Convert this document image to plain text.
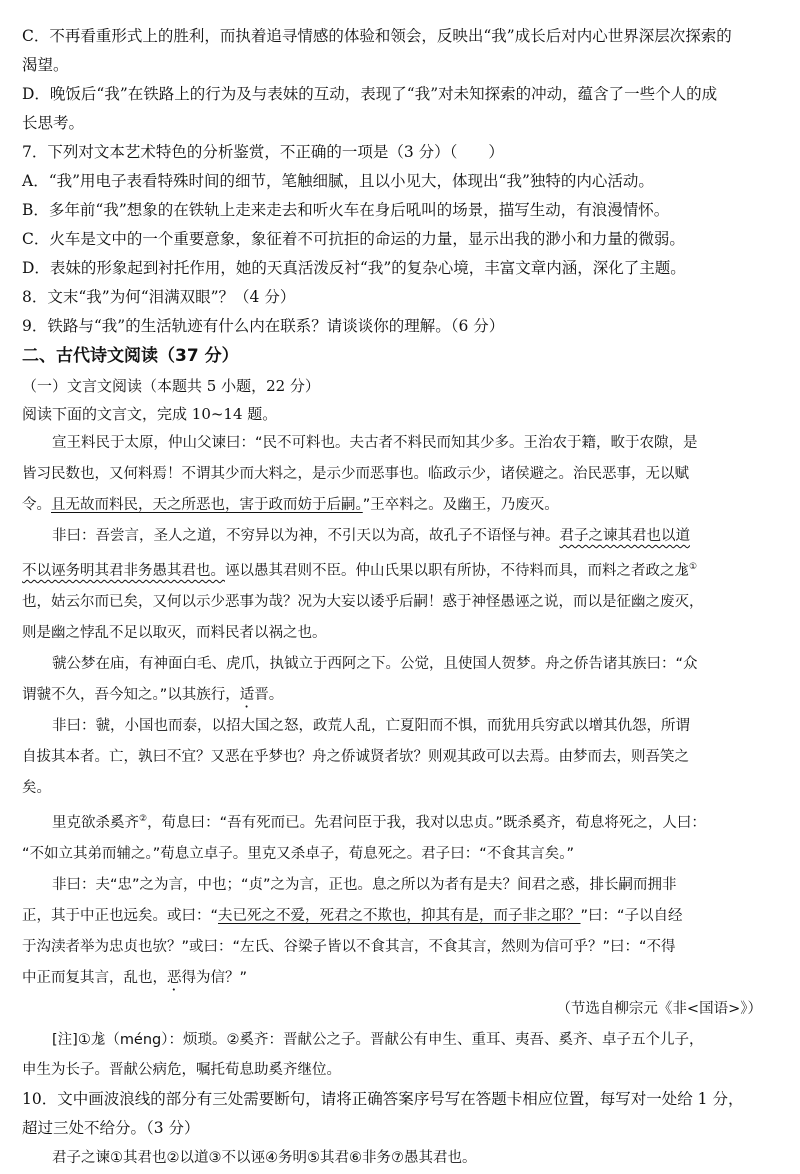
C．不再看重形式上的胜利，而执着追寻情感的体验和领会，反映出“我”成长后对内心世界深层次探索的

渴望。

D．晚饭后“我”在铁路上的行为及与表妹的互动，表现了“我”对未知探索的冲动，蕴含了一些个人的成

长思考。

7．下列对文本艺术特色的分析鉴赏，不正确的一项是（3 分）（　　）

A．“我”用电子表看特殊时间的细节，笔触细腻，且以小见大，体现出“我”独特的内心活动。

B．多年前“我”想象的在铁轨上走来走去和听火车在身后吼叫的场景，描写生动，有浪漫情怀。

C．火车是文中的一个重要意象，象征着不可抗拒的命运的力量，显示出我的渺小和力量的微弱。

D．表妹的形象起到衬托作用，她的天真活泼反衬“我”的复杂心境，丰富文章内涵，深化了主题。

8．文末“我”为何“泪满双眼”？（4 分）

9．铁路与“我”的生活轨迹有什么内在联系？请谈谈你的理解。（6 分）

二、古代诗文阅读（37 分）

（一）文言文阅读（本题共 5 小题，22 分）

阅读下面的文言文，完成 10~14 题。

宣王料民于太原，仲山父谏曰：“民不可料也。夫古者不料民而知其少多。王治农于籍，畋于农隙，是

皆习民数也，又何料焉！不谓其少而大料之，是示少而恶事也。临政示少，诸侯避之。治民恶事，无以赋

令。且无故而料民，天之所恶也，害于政而妨于后嗣。”王卒料之。及幽王，乃废灭。

非曰：吾尝言，圣人之道，不穷异以为神，不引天以为高，故孔子不语怪与神。君子之谏其君也以道

不以诬务明其君非务愚其君也。诬以愚其君则不臣。仲山氏果以职有所协，不待料而具，而料之者政之尨①

也，姑云尔而已矣，又何以示少恶事为哉？况为大妄以诿乎后嗣！惑于神怪愚诬之说，而以是征幽之废灭，

则是幽之悖乱不足以取灭，而料民者以祸之也。

虢公梦在庙，有神面白毛、虎爪，执钺立于西阿之下。公觉，且使国人贺梦。舟之侨告诸其族曰：“众

谓虢不久，吾今知之。”以其族行，适晋。

非曰：虢，小国也而泰，以招大国之怒，政荒人乱，亡夏阳而不惧，而犹用兵穷武以增其仇怨，所谓

自拔其本者。亡，孰曰不宜？又恶在乎梦也？舟之侨诚贤者欤？则观其政可以去焉。由梦而去，则吾笑之

矣。

里克欲杀奚齐②，荀息曰：“吾有死而已。先君问臣于我，我对以忠贞。”既杀奚齐，荀息将死之，人曰：

“不如立其弟而辅之。”荀息立卓子。里克又杀卓子，荀息死之。君子曰：“不食其言矣。”

非曰：夫“忠”之为言，中也；“贞”之为言，正也。息之所以为者有是夫？间君之惑，排长嗣而拥非

正，其于中正也远矣。或曰：“夫已死之不爱，死君之不欺也，抑其有是，而子非之耶？”曰：“子以自经

于沟渎者举为忠贞也欤？”或曰：“左氏、谷梁子皆以不食其言，不食其言，然则为信可乎？”曰：“不得

中正而复其言，乱也，恶得为信？”

（节选自柳宗元《非<国语>》）

[注]①尨（méng）：烦琐。②奚齐：晋献公之子。晋献公有申生、重耳、夷吾、奚齐、卓子五个儿子，

申生为长子。晋献公病危，嘱托荀息助奚齐继位。

10．文中画波浪线的部分有三处需要断句，请将正确答案序号写在答题卡相应位置，每写对一处给 1 分，

超过三处不给分。（3 分）

君子之谏①其君也②以道③不以诬④务明⑤其君⑥非务⑦愚其君也。
